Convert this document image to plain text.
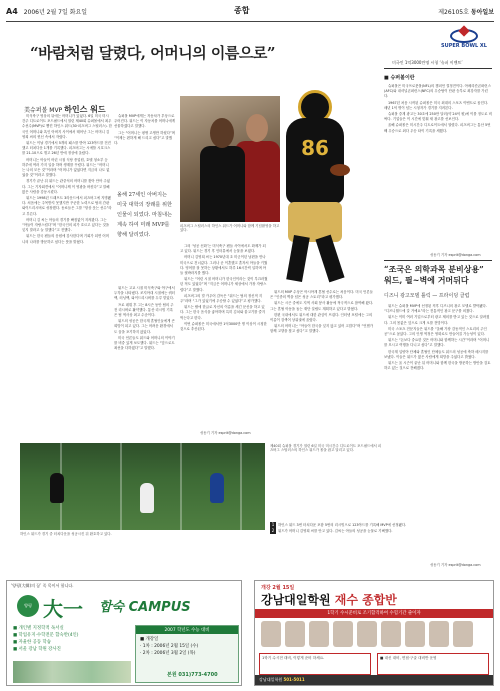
A4 2006년 2월 7일 화요일	종합	제26105호 동아일보
“바람처럼 달렸다, 어머니의 이름으로”
美슈퍼볼 MVP 하인스 워드

미식축구 영웅의 뒤에는 어머니가 있었다. 6일 미국 미시간주 디트로이트 포드필드에서 열린 제40회 슈퍼볼에서 최우수선수(MVP)로 뽑힌 하인스 워드(30·피츠버그 스틸러스). 한국인 어머니와 흑인 아버지 사이에서 태어난 그는 어머니 김영희 씨의 헌신 속에서 자랐다.

워드는 이날 경기에서 5개의 패스를 받아 123야드를 전진했고 터치다운 1개를 기록했다. 피츠버그는 시애틀 시호크스를 21-10으로 꺾고 26년 만에 정상에 올랐다.

어머니는 아들이 어린 시절 식당 종업원, 호텔 청소부 등 하루에 여러 가지 일을 하며 생계를 꾸렸다. 워드는 “어머니는 나의 모든 것”이라며 “어머니가 없었다면 지금의 나도 없었을 것”이라고 말했다.

경기가 끝난 뒤 워드는 관중석의 어머니를 찾아 안아 주었다. 그는 기자회견에서 “어머니께 이 영광을 바친다”고 말해 많은 사람을 감동시켰다.

워드는 1998년 드래프트 3라운드에서 피츠버그에 지명됐다. 처음에는 주목받지 못했지만 꾸준한 노력으로 팀의 간판 와이드리시버로 성장했다. 동료들은 그를 “항상 웃는 선수”라고 부른다.

어머니 김 씨는 아들의 경기를 빠짐없이 지켜봤다. 그는 “아들이 자랑스럽다”며 “한국인의 피가 흐르고 있다는 것을 잊지 말라고 늘 말했다”고 전했다.

워드는 한국 팬들의 응원에 감사한다며 기회가 되면 어머니의 나라를 방문하고 싶다는 뜻을 밝혔다.

슈퍼볼 MVP에게는 자동차가 부상으로 주어진다. 워드는 이 자동차를 어머니에게 선물하겠다고 말했다.

그는 “어머니는 평생 고생만 하셨다”며 “이제는 편하게 해 드리고 싶다”고 말했다.

올해 27세인 아버지는 미국 대학의 장래를 위한 인물이 되었다. 마침내는 계속 하여 미래 MVP를 향해 달리었다.

워드는 고교 시절 미식축구와 야구에서 두각을 나타냈다. 조지아대 시절에는 쿼터백, 러닝백, 와이드리시버를 두루 맡았다.

프로 데뷔 후 그는 8시즌 동안 팀의 주전 리시버로 활약했다. 통산 리시빙 기록은 팀 역사상 최고 수준이다.

워드의 성공은 한국계 혼혈인들에게 큰 희망이 되고 있다. 그는 어려운 환경에서도 꿈을 포기하지 않았다.

미국 언론들도 워드와 어머니의 이야기를 비중 있게 보도했다. 워드는 “앞으로도 최선을 다하겠다”고 말했다.

피츠버그 스틸러스의 하인스 워드가 어머니와 함께 기념촬영을 하고 있다.

그의 ‘성공 신화’는 미식축구 팬들 사이에서도 화제가 되고 있다. 워드는 경기 후 인터뷰에서 눈물을 보였다.

어머니 김영희 씨는 1970년대 초 미군이던 남편을 만나 미국으로 건너갔다. 그러나 곧 이혼했고 혼자서 아들을 키웠다. 영어를 잘 못하는 상황에서도 하루 16시간씩 일하며 아들 뒷바라지를 했다.

워드는 “어린 시절 어머니가 한국인이라는 것이 부끄러웠던 적도 있었다”며 “지금은 어머니가 세상에서 가장 자랑스럽다”고 말했다.

피츠버그의 빌 카우어 감독은 “워드는 팀의 정신적 지주”라며 “그가 있었기에 우승할 수 있었다”고 평가했다.

워드는 팔에 한글로 자신의 이름을 새긴 문신을 하고 있다. 그는 한국 음식을 좋아하며 특히 김치와 불고기를 즐겨 먹는다고 한다.

이번 슈퍼볼은 미국에서만 1억3000만 명 이상이 시청한 것으로 추산된다.

86

워드의 MVP 수상은 아시아계 혼혈 선수로는 처음이다. 미국 언론들은 “인종의 벽을 넘은 성공 스토리”라고 평가했다.

워드는 시즌 중에도 지역 사회 봉사 활동에 적극적으로 참여해 왔다. 그는 혼혈 아동을 돕는 재단 설립도 계획하고 있다고 밝혔다.

한편 국내에서도 워드에 대한 관심이 뜨겁다. 인터넷 포털에는 그의 이름이 검색어 상위권에 올랐다.

워드의 어머니는 “아들이 한국을 잊지 않고 있어 고맙다”며 “언젠가 함께 고향을 찾고 싶다”고 말했다.

성동기 기자 esprit@donga.com
하인스 워드가 경기 중 터치다운을 성공시킨 뒤 환호하고 있다.
제40회 슈퍼볼 경기가 열린 6일 미국 미시간주 디트로이트 포드필드에서 피츠버그 스틸러스의 하인스 워드가 볼을 잡고 달리고 있다.
1 하인스 워드 3번 터치다운 포함 5번의 리시빙으로 123야드를 기록해 MVP에 선정됐다.
2 워드가 어머니 김영희 씨를 안고 있다. 김씨는 아들의 성공을 눈물로 기뻐했다.
SUPER BOWL XL
미국인 1억3000만명 시청 ‘슈퍼 이벤트’
■ 슈퍼볼이란

슈퍼볼은 미국프로풋볼(NFL)의 챔피언 결정전이다. 아메리칸콘퍼런스(AFC)와 내셔널콘퍼런스(NFC)의 우승팀이 단판 승부로 최강자를 가린다.

1967년 처음 시작된 슈퍼볼은 미국 최대의 스포츠 이벤트로 꼽힌다. 매년 1억 명이 넘는 시청자가 경기를 지켜본다.

슈퍼볼 중계 광고는 30초에 250만 달러(약 24억 원)에 이를 정도로 비싸다. 기업들은 이 시간에 맞춰 새 광고를 선보인다.

올해 슈퍼볼은 미시간주 디트로이트에서 열렸다. 피츠버그는 통산 5번째 우승으로 최다 우승 타이 기록을 세웠다.

성동기 기자 esprit@donga.com
“조국은 의학과목 분비상용” 워드, 필~벽에 거머뒤다
디즈니 광고모델 틀릭 — 프라이딩 클럽

워드는 슈퍼볼 MVP에 선정된 직후 디즈니의 광고 모델로 발탁됐다. “디즈니월드에 갈 거예요”라는 전통적인 광고 문구를 외쳤다.

워드는 이미 여러 기업으로부터 광고 제의를 받고 있는 것으로 알려졌다. 그의 몸값은 앞으로 크게 오를 전망이다.

미국 스포츠 전문지들은 워드를 “올해 가장 감동적인 스토리의 주인공”으로 꼽았다. 그의 인생 역정은 영화로도 만들어질 가능성이 있다.

워드는 “돈보다 중요한 것은 어머니와 함께하는 시간”이라며 “어머니를 모시고 여행을 다니고 싶다”고 말했다.

한국계 입양아 단체와 혼혈인 단체들도 워드의 성공에 축하 메시지를 보냈다. 이들은 워드가 많은 사람에게 희망을 주었다고 밝혔다.

워드는 올 시즌이 끝난 뒤 어머니와 함께 한국을 방문하는 방안을 검토하고 있는 것으로 전해졌다.

성동기 기자 esprit@donga.com
‘양평(大韓)의 꿈’ 꼭 목이서 합니다.
양평 大一 합숙 CAMPUS
■ 개인별 지정학적 독서실
■ 학업유지·수학전문 합숙반(4인)
■ 자율한 공동 학습
■ 서울 강남 학원 강사진
2007 학년도 수능 대비
■ 개강일
· 1차 : 2006년 2월 15일 (수)
· 2차 : 2006년 3월 2일 (목)
본원 031)773-4700
개강 2월 15일
강남대일학원 재수 종합반
1학기 수시준비로 조기합격하여 수험기간 줄이자
1학기 수시전 대비, 이렇게 준비 하세요.	■ 내신 대비, 면접·구술 대비반 운영
강남대일학원 501-5011
